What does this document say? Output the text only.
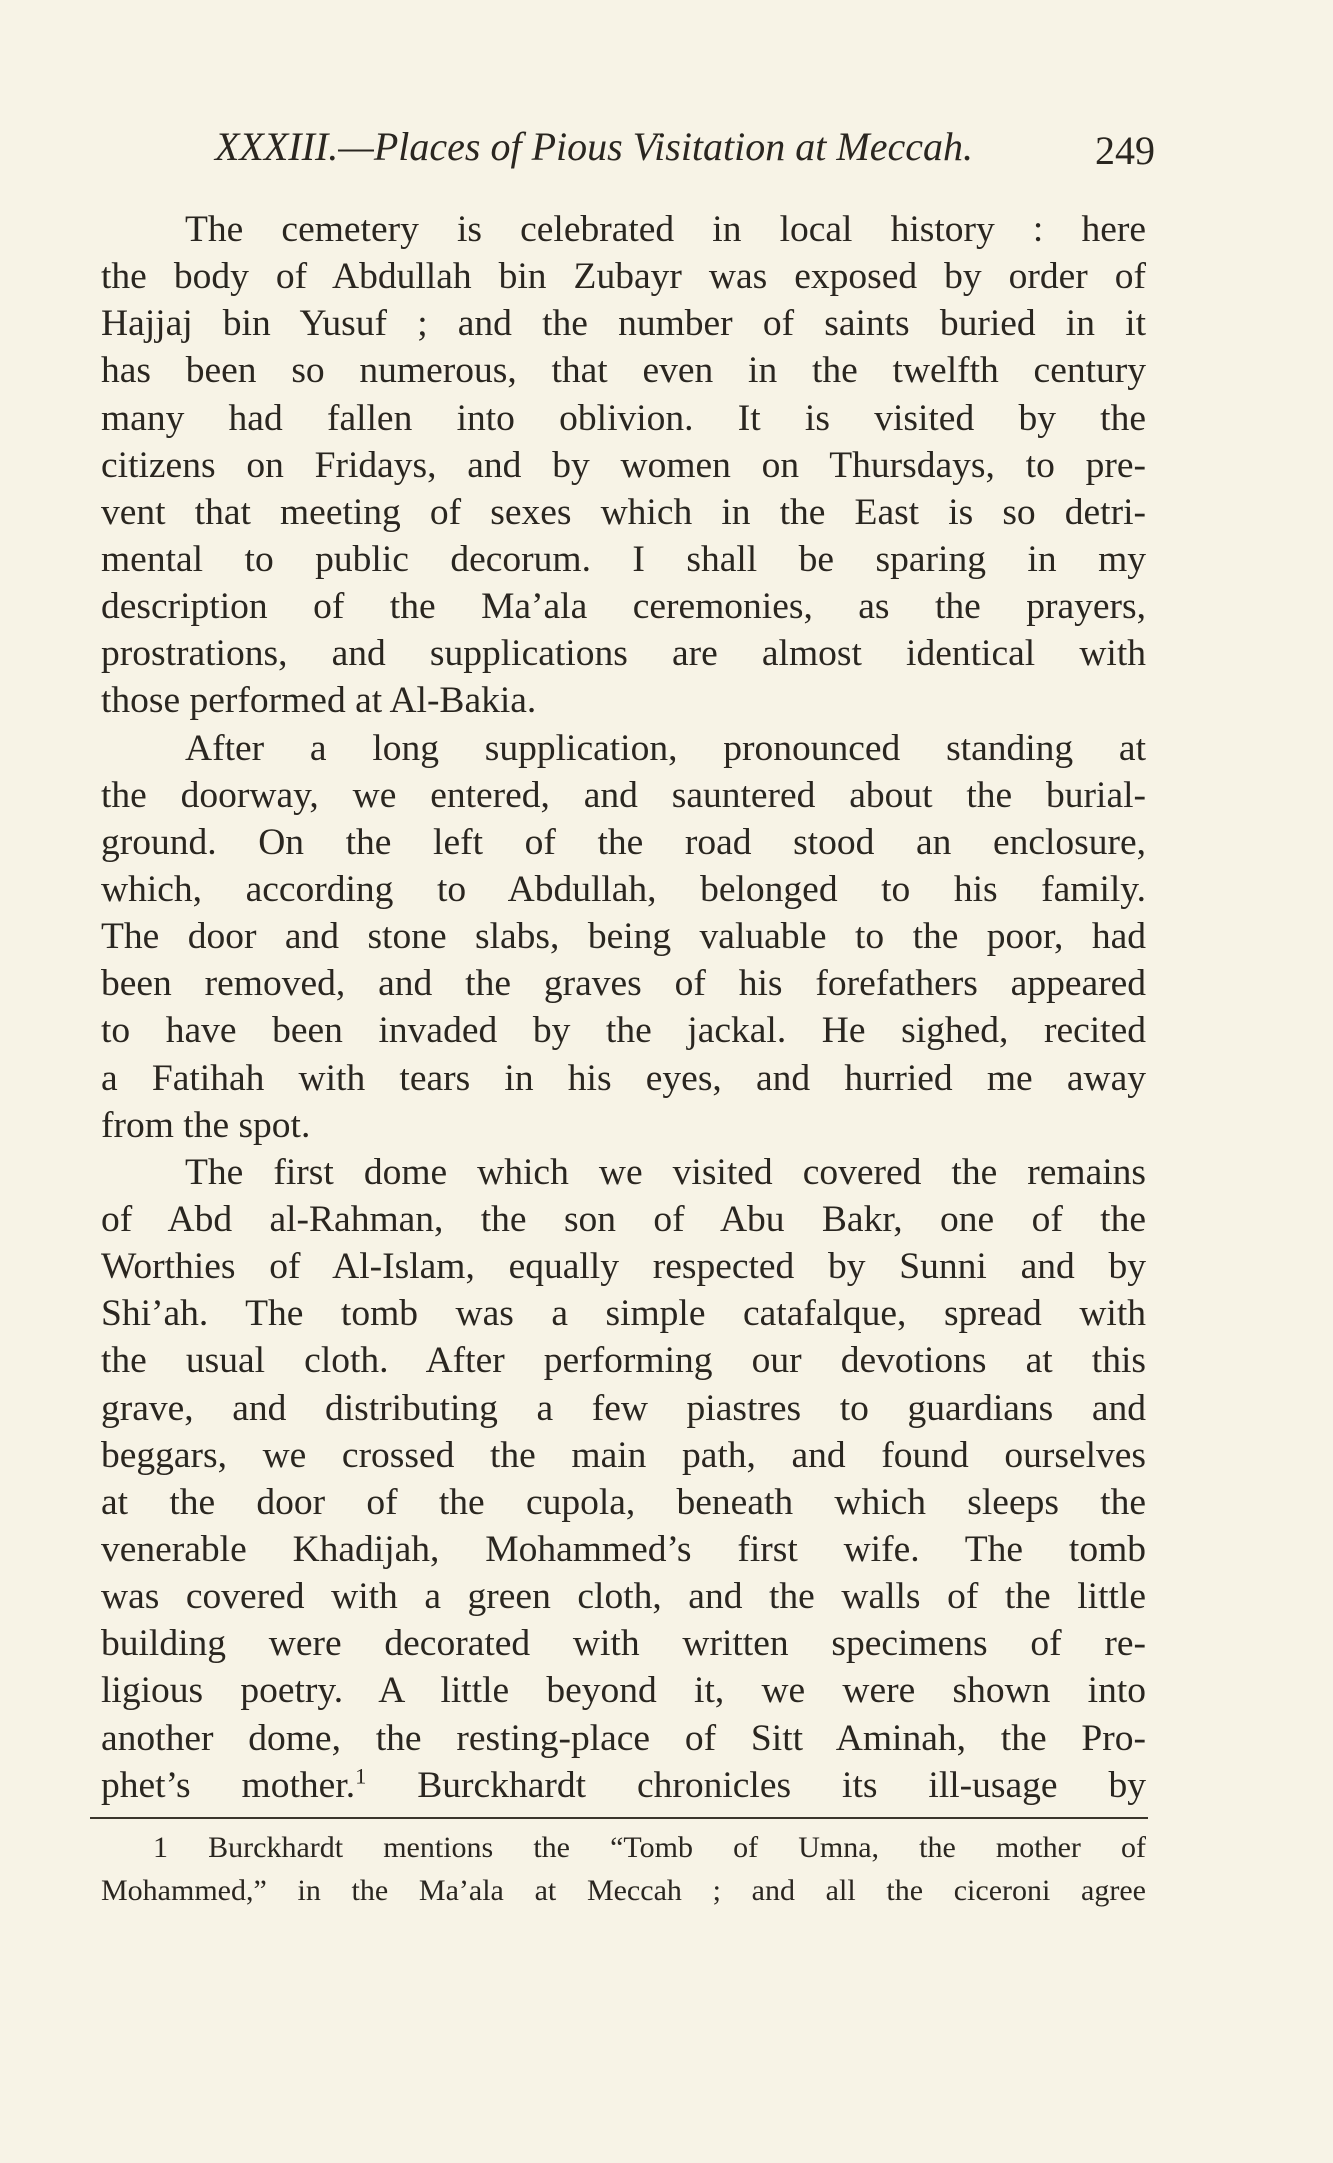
XXXIII.—Places of Pious Visitation at Meccah.	249
The cemetery is celebrated in local history : here
the body of Abdullah bin Zubayr was exposed by order of
Hajjaj bin Yusuf ; and the number of saints buried in it
has been so numerous, that even in the twelfth century
many had fallen into oblivion. It is visited by the
citizens on Fridays, and by women on Thursdays, to pre-
vent that meeting of sexes which in the East is so detri-
mental to public decorum. I shall be sparing in my
description of the Ma’ala ceremonies, as the prayers,
prostrations, and supplications are almost identical with
those performed at Al-Bakia.
After a long supplication, pronounced standing at
the doorway, we entered, and sauntered about the burial-
ground. On the left of the road stood an enclosure,
which, according to Abdullah, belonged to his family.
The door and stone slabs, being valuable to the poor, had
been removed, and the graves of his forefathers appeared
to have been invaded by the jackal. He sighed, recited
a Fatihah with tears in his eyes, and hurried me away
from the spot.
The first dome which we visited covered the remains
of Abd al-Rahman, the son of Abu Bakr, one of the
Worthies of Al-Islam, equally respected by Sunni and by
Shi’ah. The tomb was a simple catafalque, spread with
the usual cloth. After performing our devotions at this
grave, and distributing a few piastres to guardians and
beggars, we crossed the main path, and found ourselves
at the door of the cupola, beneath which sleeps the
venerable Khadijah, Mohammed’s first wife. The tomb
was covered with a green cloth, and the walls of the little
building were decorated with written specimens of re-
ligious poetry. A little beyond it, we were shown into
another dome, the resting-place of Sitt Aminah, the Pro-
phet’s mother.$^1$ Burckhardt chronicles its ill-usage by
1 Burckhardt mentions the “Tomb of Umna, the mother of
Mohammed,” in the Ma’ala at Meccah ; and all the ciceroni agree
